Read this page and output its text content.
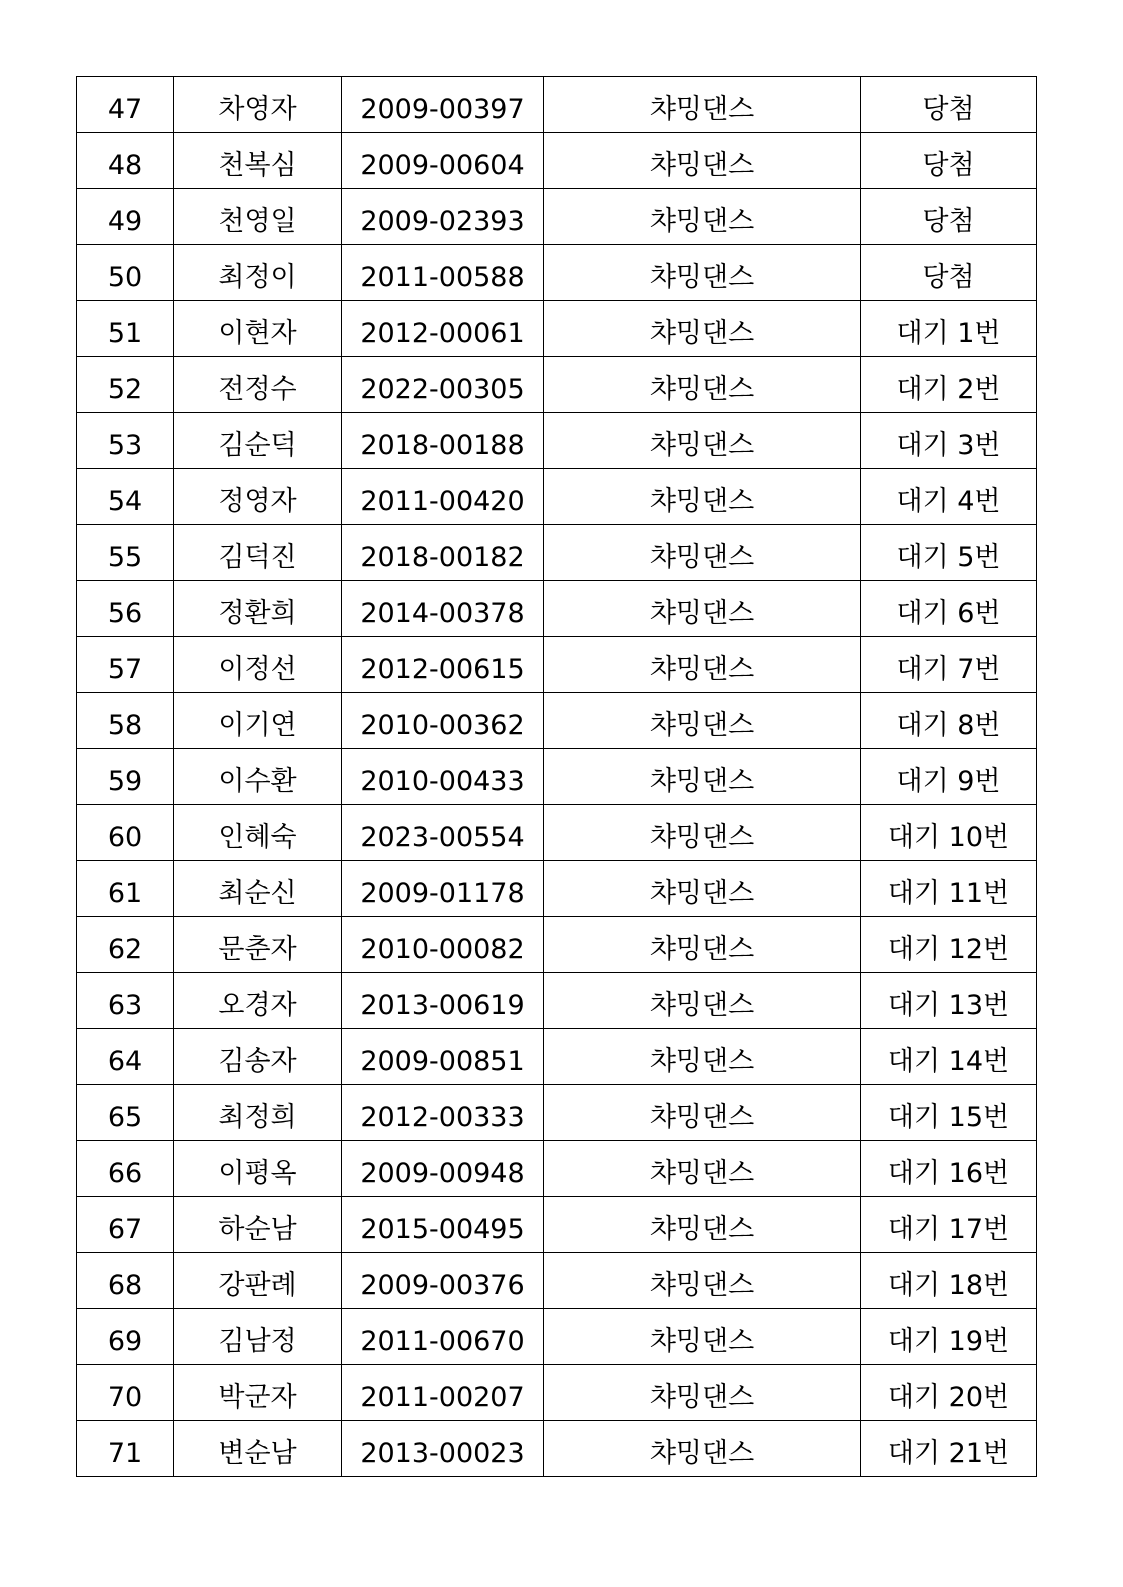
47	차영자	2009-00397	챠밍댄스	당첨
48	천복심	2009-00604	챠밍댄스	당첨
49	천영일	2009-02393	챠밍댄스	당첨
50	최정이	2011-00588	챠밍댄스	당첨
51	이현자	2012-00061	챠밍댄스	대기 1번
52	전정수	2022-00305	챠밍댄스	대기 2번
53	김순덕	2018-00188	챠밍댄스	대기 3번
54	정영자	2011-00420	챠밍댄스	대기 4번
55	김덕진	2018-00182	챠밍댄스	대기 5번
56	정환희	2014-00378	챠밍댄스	대기 6번
57	이정선	2012-00615	챠밍댄스	대기 7번
58	이기연	2010-00362	챠밍댄스	대기 8번
59	이수환	2010-00433	챠밍댄스	대기 9번
60	인혜숙	2023-00554	챠밍댄스	대기 10번
61	최순신	2009-01178	챠밍댄스	대기 11번
62	문춘자	2010-00082	챠밍댄스	대기 12번
63	오경자	2013-00619	챠밍댄스	대기 13번
64	김송자	2009-00851	챠밍댄스	대기 14번
65	최정희	2012-00333	챠밍댄스	대기 15번
66	이평옥	2009-00948	챠밍댄스	대기 16번
67	하순남	2015-00495	챠밍댄스	대기 17번
68	강판례	2009-00376	챠밍댄스	대기 18번
69	김남정	2011-00670	챠밍댄스	대기 19번
70	박군자	2011-00207	챠밍댄스	대기 20번
71	변순남	2013-00023	챠밍댄스	대기 21번
